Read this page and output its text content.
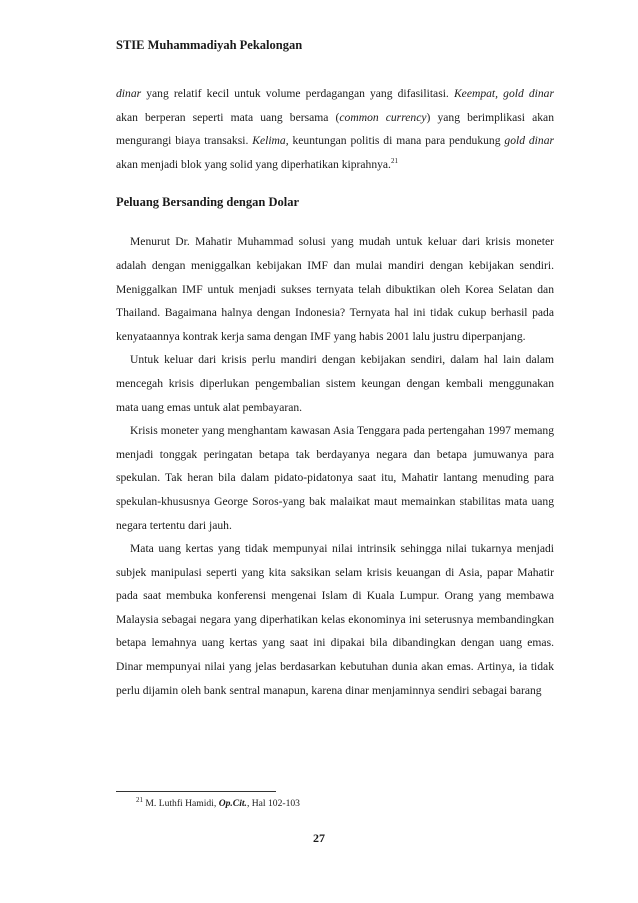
STIE Muhammadiyah Pekalongan

dinar yang relatif kecil untuk volume perdagangan yang difasilitasi. Keempat, gold dinar akan berperan seperti mata uang bersama (common currency) yang berimplikasi akan mengurangi biaya transaksi. Kelima, keuntungan politis di mana para pendukung gold dinar akan menjadi blok yang solid yang diperhatikan kiprahnya.$^{21}$

Peluang Bersanding dengan Dolar

Menurut Dr. Mahatir Muhammad solusi yang mudah untuk keluar dari krisis moneter adalah dengan meniggalkan kebijakan IMF dan mulai mandiri dengan kebijakan sendiri. Meniggalkan IMF untuk menjadi sukses ternyata telah dibuktikan oleh Korea Selatan dan Thailand. Bagaimana halnya dengan Indonesia? Ternyata hal ini tidak cukup berhasil pada kenyataannya kontrak kerja sama dengan IMF yang habis 2001 lalu justru diperpanjang.

Untuk keluar dari krisis perlu mandiri dengan kebijakan sendiri, dalam hal lain dalam mencegah krisis diperlukan pengembalian sistem keungan dengan kembali menggunakan mata uang emas untuk alat pembayaran.

Krisis moneter yang menghantam kawasan Asia Tenggara pada pertengahan 1997 memang menjadi tonggak peringatan betapa tak berdayanya negara dan betapa jumuwanya para spekulan. Tak heran bila dalam pidato-pidatonya saat itu, Mahatir lantang menuding para spekulan-khususnya George Soros-yang bak malaikat maut memainkan stabilitas mata uang negara tertentu dari jauh.

Mata uang kertas yang tidak mempunyai nilai intrinsik sehingga nilai tukarnya menjadi subjek manipulasi seperti yang kita saksikan selam krisis keuangan di Asia, papar Mahatir pada saat membuka konferensi mengenai Islam di Kuala Lumpur. Orang yang membawa Malaysia sebagai negara yang diperhatikan kelas ekonominya ini seterusnya membandingkan betapa lemahnya uang kertas yang saat ini dipakai bila dibandingkan dengan uang emas. Dinar mempunyai nilai yang jelas berdasarkan kebutuhan dunia akan emas. Artinya, ia tidak perlu dijamin oleh bank sentral manapun, karena dinar menjaminnya sendiri sebagai barang

$^{21}$ M. Luthfi Hamidi, Op.Cit., Hal 102-103
27
